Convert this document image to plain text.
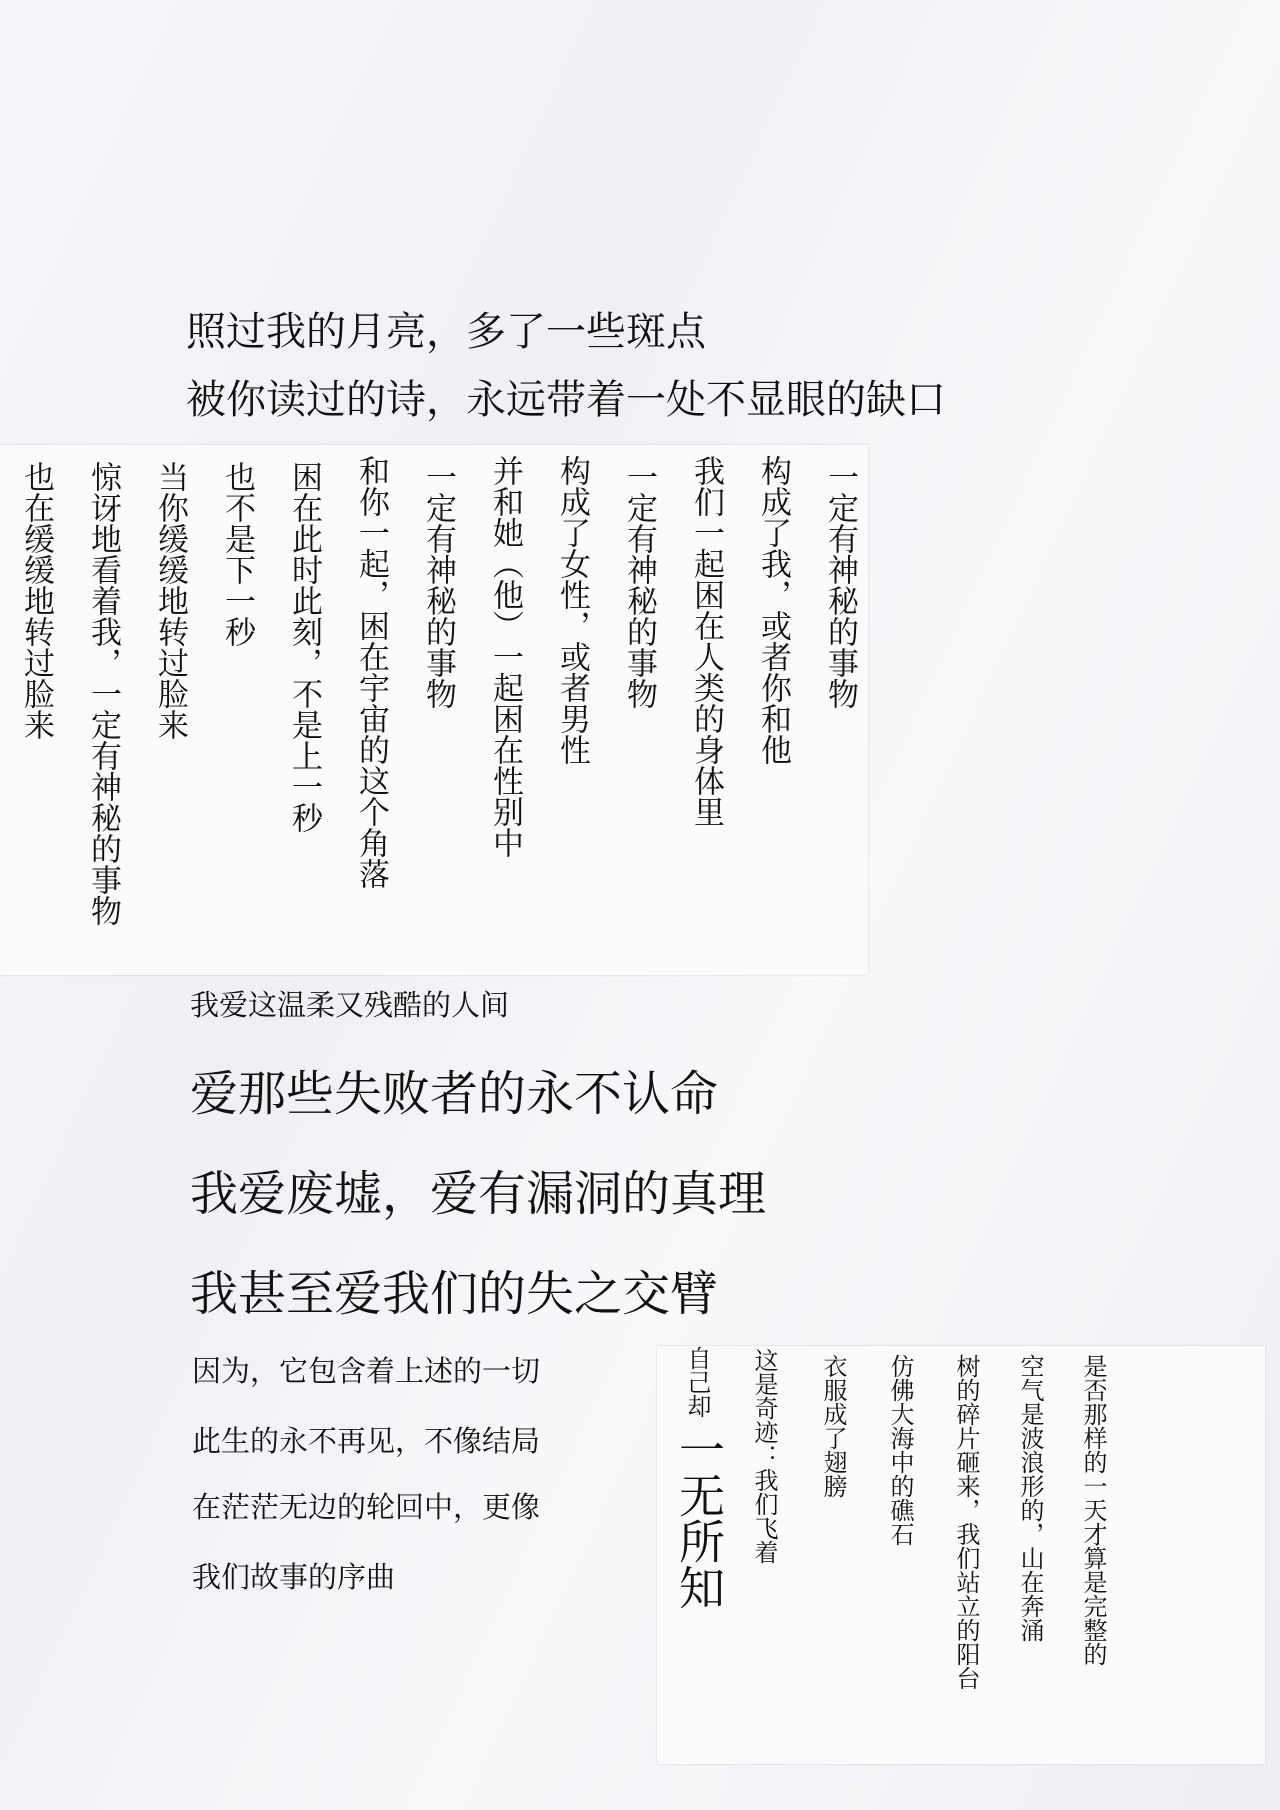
照过我的月亮，多了一些斑点
被你读过的诗，永远带着一处不显眼的缺口
一定有神秘的事物
构成了我，或者你和他
我们一起困在人类的身体里
一定有神秘的事物
构成了女性，或者男性
并和她（他）一起困在性别中
一定有神秘的事物
和你一起，困在宇宙的这个角落
困在此时此刻，不是上一秒
也不是下一秒
当你缓缓地转过脸来
惊讶地看着我，一定有神秘的事物
也在缓缓地转过脸来
我爱这温柔又残酷的人间
爱那些失败者的永不认命
我爱废墟，爱有漏洞的真理
我甚至爱我们的失之交臂
因为，它包含着上述的一切
此生的永不再见，不像结局
在茫茫无边的轮回中，更像
我们故事的序曲	是否那样的一天才算是完整的
空气是波浪形的，山在奔涌
树的碎片砸来，我们站立的阳台
仿佛大海中的礁石
衣服成了翅膀
这是奇迹：我们飞着
自己却
一无所知
